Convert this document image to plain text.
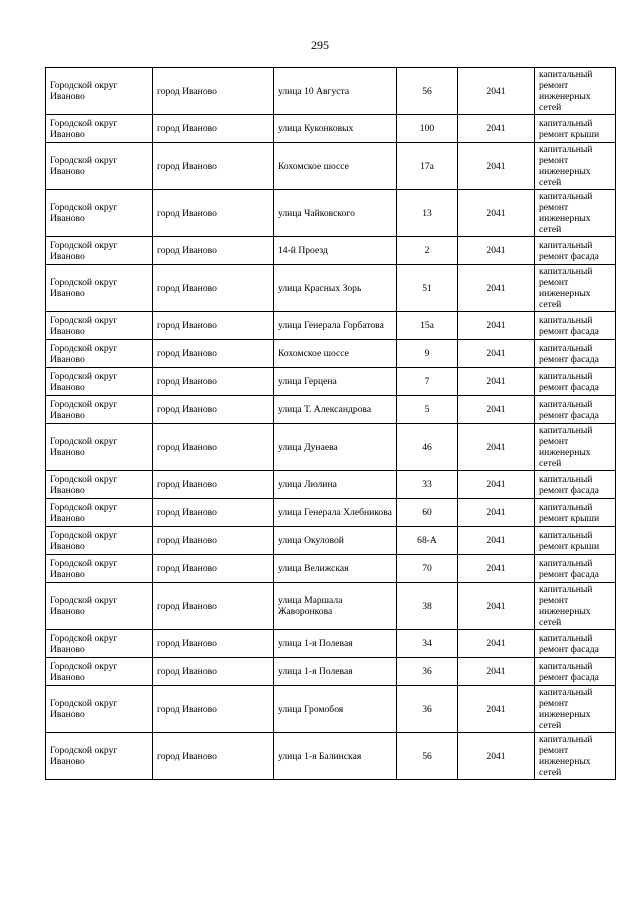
295
Городской округ Иваново	город Иваново	улица 10 Августа	56	2041	капитальный ремонт инженерных сетей
Городской округ Иваново	город Иваново	улица Куконковых	100	2041	капитальный ремонт крыши
Городской округ Иваново	город Иваново	Кохомское шоссе	17а	2041	капитальный ремонт инженерных сетей
Городской округ Иваново	город Иваново	улица Чайковского	13	2041	капитальный ремонт инженерных сетей
Городской округ Иваново	город Иваново	14-й Проезд	2	2041	капитальный ремонт фасада
Городской округ Иваново	город Иваново	улица Красных Зорь	51	2041	капитальный ремонт инженерных сетей
Городской округ Иваново	город Иваново	улица Генерала Горбатова	15а	2041	капитальный ремонт фасада
Городской округ Иваново	город Иваново	Кохомское шоссе	9	2041	капитальный ремонт фасада
Городской округ Иваново	город Иваново	улица Герцена	7	2041	капитальный ремонт фасада
Городской округ Иваново	город Иваново	улица Т. Александрова	5	2041	капитальный ремонт фасада
Городской округ Иваново	город Иваново	улица Дунаева	46	2041	капитальный ремонт инженерных сетей
Городской округ Иваново	город Иваново	улица Люлина	33	2041	капитальный ремонт фасада
Городской округ Иваново	город Иваново	улица Генерала Хлебникова	60	2041	капитальный ремонт крыши
Городской округ Иваново	город Иваново	улица Окуловой	68-А	2041	капитальный ремонт крыши
Городской округ Иваново	город Иваново	улица Велижская	70	2041	капитальный ремонт фасада
Городской округ Иваново	город Иваново	улица Маршала Жаворонкова	38	2041	капитальный ремонт инженерных сетей
Городской округ Иваново	город Иваново	улица 1-я Полевая	34	2041	капитальный ремонт фасада
Городской округ Иваново	город Иваново	улица 1-я Полевая	36	2041	капитальный ремонт фасада
Городской округ Иваново	город Иваново	улица Громобоя	36	2041	капитальный ремонт инженерных сетей
Городской округ Иваново	город Иваново	улица 1-я Балинская	56	2041	капитальный ремонт инженерных сетей
